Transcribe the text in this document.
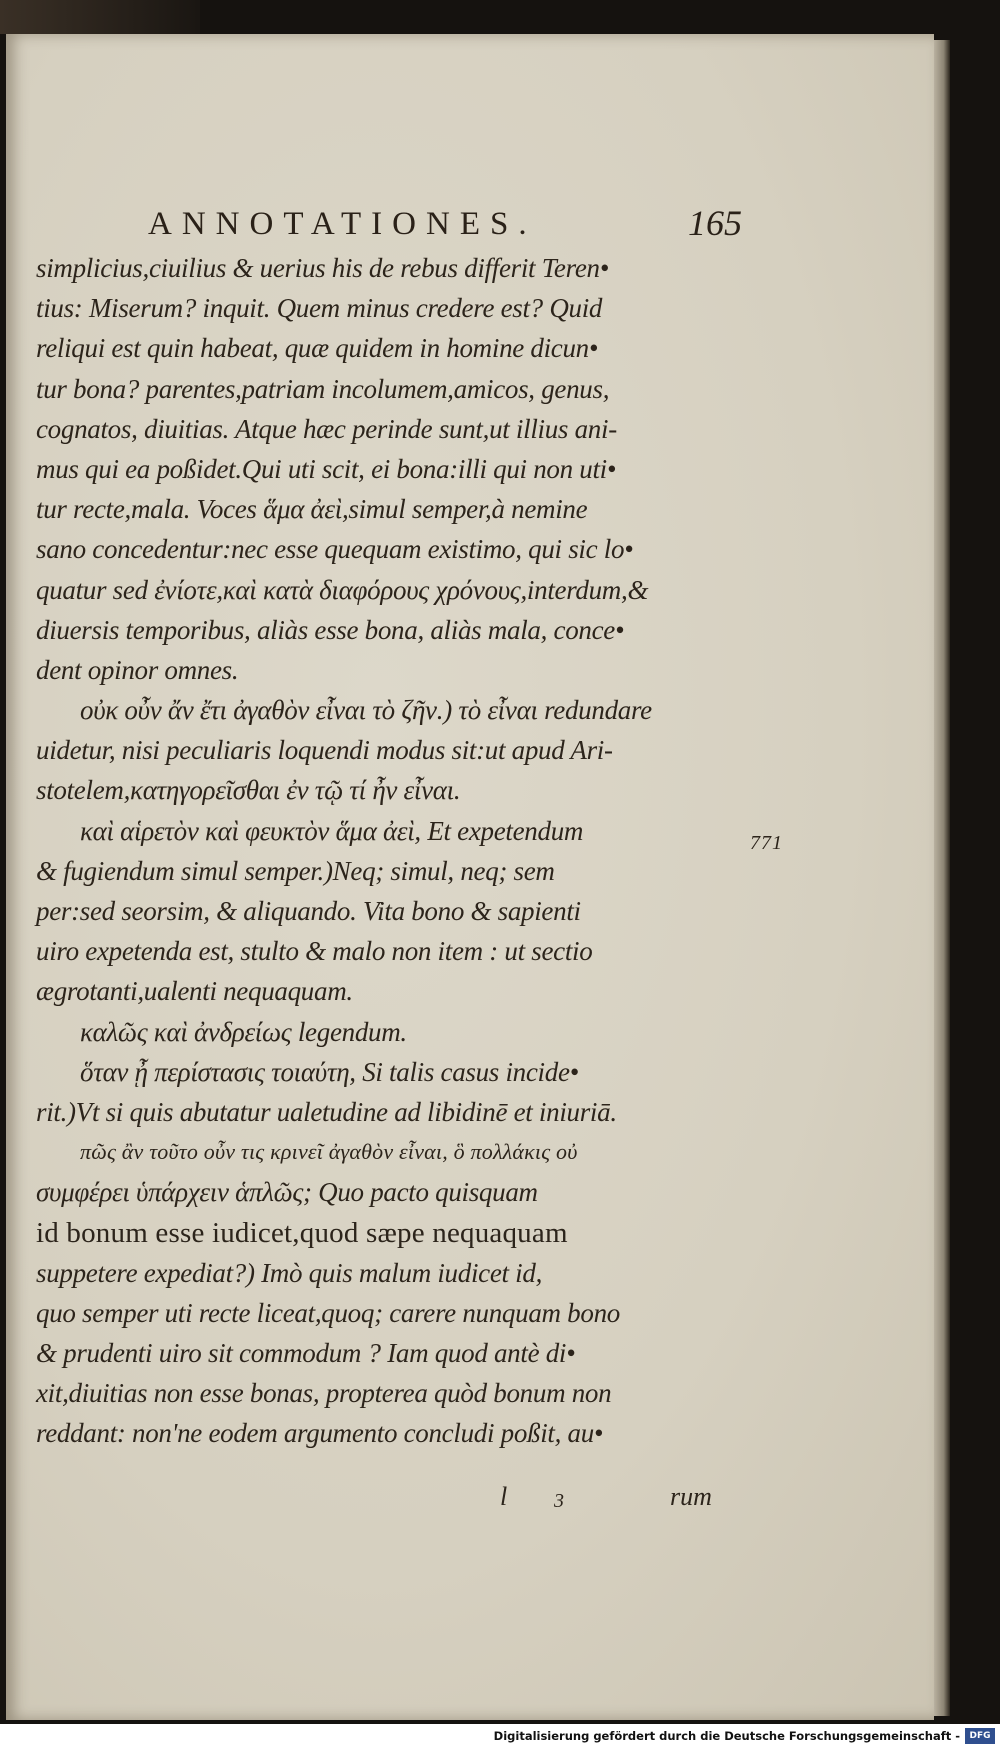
ANNOTATIONES.	165
simplicius,ciuilius & uerius his de rebus differit Teren•
tius: Miserum? inquit. Quem minus credere est? Quid
reliqui est quin habeat, quæ quidem in homine dicun•
tur bona? parentes,patriam incolumem,amicos, genus,
cognatos, diuitias. Atque hæc perinde sunt,ut illius ani-
mus qui ea poßidet.Qui uti scit, ei bona:illi qui non uti•
tur recte,mala. Voces ἅμα ἀεὶ,simul semper,à nemine
sano concedentur:nec esse quequam existimo, qui sic lo•
quatur sed ἐνίοτε,καὶ κατὰ διαφόρους χρόνους,interdum,&
diuersis temporibus, aliàs esse bona, aliàs mala, conce•
dent opinor omnes.
οὐκ οὖν ἄν ἔτι ἀγαθὸν εἶναι τὸ ζῆν.) τὸ εἶναι redundare
uidetur, nisi peculiaris loquendi modus sit:ut apud Ari-
stotelem,κατηγορεῖσθαι ἐν τῷ τί ἦν εἶναι.
καὶ αἱρετὸν καὶ φευκτὸν ἅμα ἀεὶ, Et expetendum
& fugiendum simul semper.)Neq; simul, neq; sem
per:sed seorsim, & aliquando. Vita bono & sapienti
uiro expetenda est, stulto & malo non item : ut sectio
ægrotanti,ualenti nequaquam.
καλῶς καὶ ἀνδρείως legendum.
ὅταν ᾖ περίστασις τοιαύτη, Si talis casus incide•
rit.)Vt si quis abutatur ualetudine ad libidinē et iniuriā.
πῶς ἂν τοῦτο οὖν τις κρινεῖ ἀγαθὸν εἶναι, ὃ πολλάκις οὐ
συμφέρει ὑπάρχειν ἁπλῶς; Quo pacto quisquam
id bonum esse iudicet,quod sæpe nequaquam
suppetere expediat?) Imò quis malum iudicet id,
quo semper uti recte liceat,quoq; carere nunquam bono
& prudenti uiro sit commodum ? Iam quod antè di•
xit,diuitias non esse bonas, propterea quòd bonum non
reddant: non'ne eodem argumento concludi poßit, au•
771
l 3	rum
Digitalisierung gefördert durch die Deutsche Forschungsgemeinschaft -	DFG
